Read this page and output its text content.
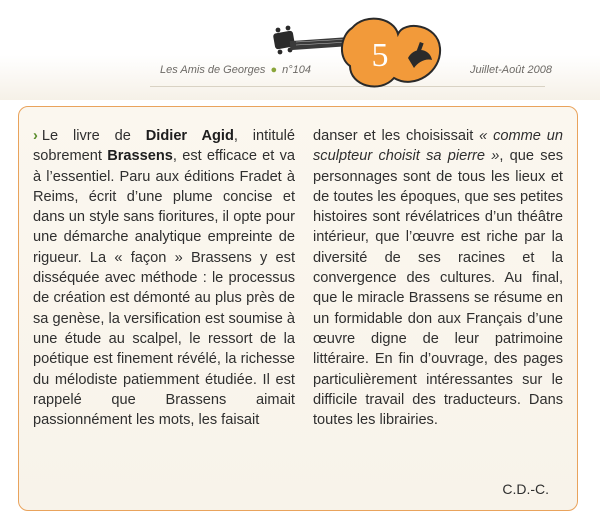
Les Amis de Georges ● n°104	Juillet-Août 2008
5

› Le livre de Didier Agid, intitulé sobrement Brassens, est efficace et va à l’essentiel. Paru aux éditions Fradet à Reims, écrit d’une plume concise et dans un style sans fioritures, il opte pour une démarche analytique empreinte de rigueur. La « façon » Brassens y est disséquée avec méthode : le processus de création est démonté au plus près de sa genèse, la versification est soumise à une étude au scalpel, le ressort de la poétique est finement révélé, la richesse du mélodiste patiemment étudiée. Il est rappelé que Brassens aimait passionnément les mots, les faisait

danser et les choisissait « comme un sculpteur choisit sa pierre », que ses personnages sont de tous les lieux et de toutes les époques, que ses petites histoires sont révélatrices d’un théâtre intérieur, que l’œuvre est riche par la diversité de ses racines et la convergence des cultures. Au final, que le miracle Brassens se résume en un formidable don aux Français d’une œuvre digne de leur patrimoine littéraire. En fin d’ouvrage, des pages particulièrement intéressantes sur le difficile travail des traducteurs. Dans toutes les librairies.

C.D.-C.
